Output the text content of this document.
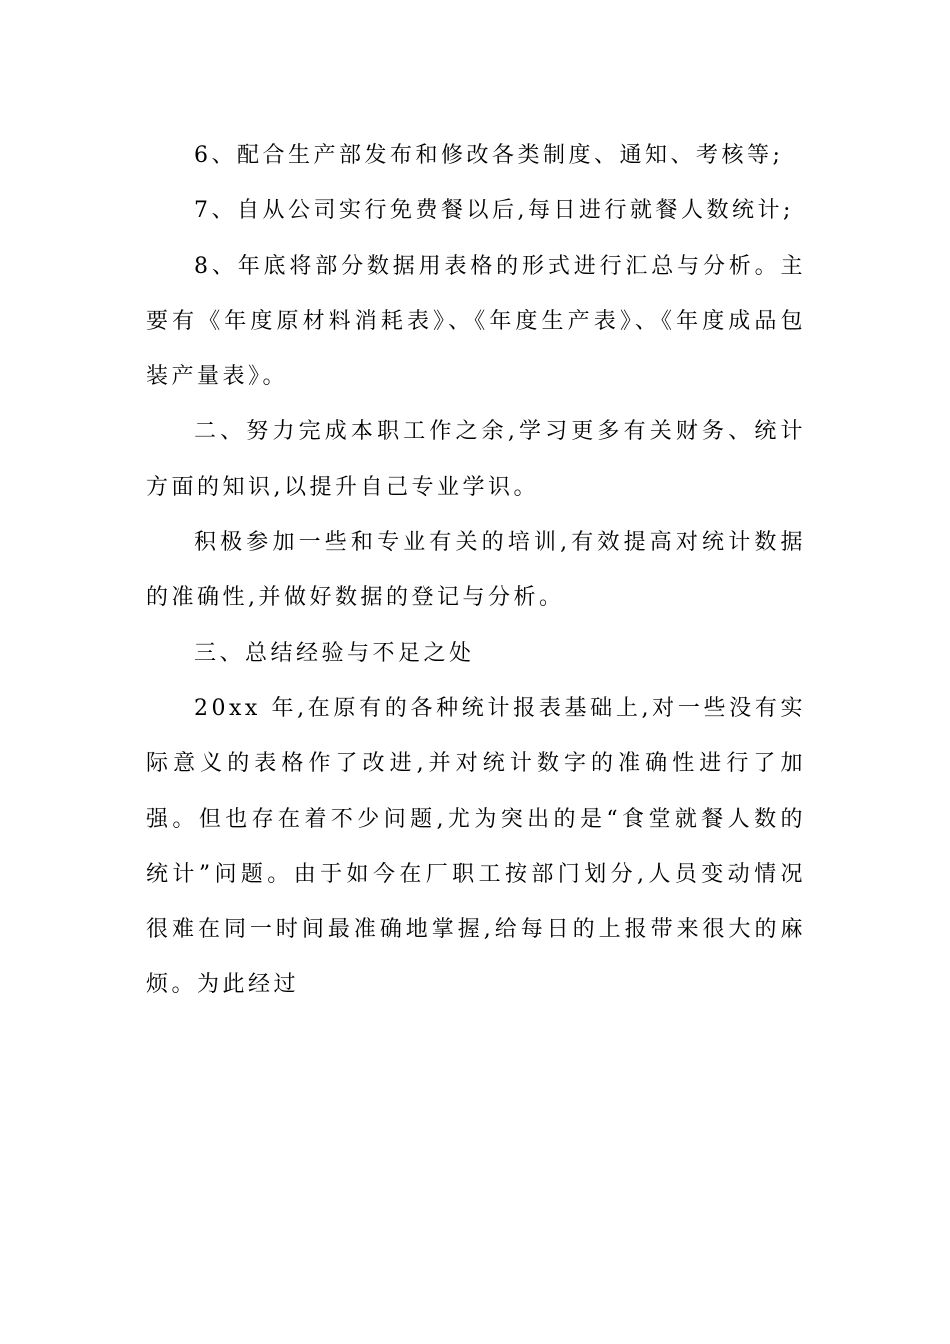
6、配合生产部发布和修改各类制度、通知、考核等;

7、自从公司实行免费餐以后,每日进行就餐人数统计;

8、年底将部分数据用表格的形式进行汇总与分析。主要有《年度原材料消耗表》、《年度生产表》、《年度成品包装产量表》。

二、努力完成本职工作之余,学习更多有关财务、统计方面的知识,以提升自己专业学识。

积极参加一些和专业有关的培训,有效提高对统计数据的准确性,并做好数据的登记与分析。

三、总结经验与不足之处

20xx 年,在原有的各种统计报表基础上,对一些没有实际意义的表格作了改进,并对统计数字的准确性进行了加强。但也存在着不少问题,尤为突出的是“食堂就餐人数的统计”问题。由于如今在厂职工按部门划分,人员变动情况很难在同一时间最准确地掌握,给每日的上报带来很大的麻烦。为此经过
